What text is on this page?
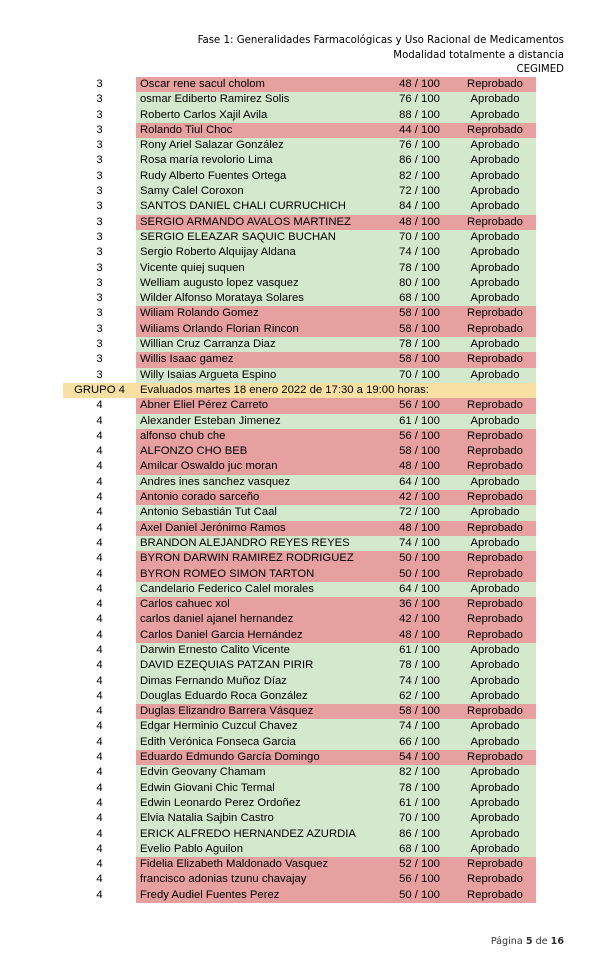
Fase 1: Generalidades Farmacológicas y Uso Racional de Medicamentos
Modalidad totalmente a distancia
CEGIMED
3	Oscar rene sacul cholom	48 / 100	Reprobado
3	osmar Ediberto Ramirez Solis	76 / 100	Aprobado
3	Roberto Carlos Xajil Avila	88 / 100	Aprobado
3	Rolando Tiul Choc	44 / 100	Reprobado
3	Rony Ariel Salazar González	76 / 100	Aprobado
3	Rosa maría revolorio Lima	86 / 100	Aprobado
3	Rudy Alberto Fuentes Ortega	82 / 100	Aprobado
3	Samy Calel Coroxon	72 / 100	Aprobado
3	SANTOS DANIEL CHALI CURRUCHICH	84 / 100	Aprobado
3	SERGIO ARMANDO AVALOS MARTINEZ	48 / 100	Reprobado
3	SERGIO ELEAZAR SAQUIC BUCHAN	70 / 100	Aprobado
3	Sergio Roberto Alquijay Aldana	74 / 100	Aprobado
3	Vicente quiej suquen	78 / 100	Aprobado
3	Welliam augusto lopez vasquez	80 / 100	Aprobado
3	Wilder Alfonso Morataya Solares	68 / 100	Aprobado
3	Wiliam Rolando Gomez	58 / 100	Reprobado
3	Wiliams Orlando Florian Rincon	58 / 100	Reprobado
3	Willian Cruz Carranza Diaz	78 / 100	Aprobado
3	Willis Isaac gamez	58 / 100	Reprobado
3	Willy Isaias Argueta Espino	70 / 100	Aprobado
GRUPO 4	Evaluados martes 18 enero 2022 de 17:30 a 19:00 horas:
4	Abner Eliel Pérez Carreto	56 / 100	Reprobado
4	Alexander Esteban Jimenez	61 / 100	Aprobado
4	alfonso chub che	56 / 100	Reprobado
4	ALFONZO CHO BEB	58 / 100	Reprobado
4	Amilcar Oswaldo juc moran	48 / 100	Reprobado
4	Andres ines sanchez vasquez	64 / 100	Aprobado
4	Antonio corado sarceño	42 / 100	Reprobado
4	Antonio Sebastián Tut Caal	72 / 100	Aprobado
4	Axel Daniel Jerónimo Ramos	48 / 100	Reprobado
4	BRANDON ALEJANDRO REYES REYES	74 / 100	Aprobado
4	BYRON DARWIN RAMIREZ RODRIGUEZ	50 / 100	Reprobado
4	BYRON ROMEO SIMON TARTON	50 / 100	Reprobado
4	Candelario Federico Calel morales	64 / 100	Aprobado
4	Carlos cahuec xol	36 / 100	Reprobado
4	carlos daniel ajanel hernandez	42 / 100	Reprobado
4	Carlos Daniel Garcia Hernández	48 / 100	Reprobado
4	Darwin Ernesto Calito Vicente	61 / 100	Aprobado
4	DAVID EZEQUIAS PATZAN PIRIR	78 / 100	Aprobado
4	Dimas Fernando Muñoz Díaz	74 / 100	Aprobado
4	Douglas Eduardo Roca González	62 / 100	Aprobado
4	Duglas Elizandro Barrera Vásquez	58 / 100	Reprobado
4	Edgar Herminio Cuzcul Chavez	74 / 100	Aprobado
4	Edith Verónica Fonseca Garcia	66 / 100	Aprobado
4	Eduardo Edmundo García Domingo	54 / 100	Reprobado
4	Edvin Geovany Chamam	82 / 100	Aprobado
4	Edwin Giovani Chic Termal	78 / 100	Aprobado
4	Edwin Leonardo Perez Ordoñez	61 / 100	Aprobado
4	Elvia Natalia Sajbin Castro	70 / 100	Aprobado
4	ERICK ALFREDO HERNANDEZ AZURDIA	86 / 100	Aprobado
4	Evelio Pablo Aguilon	68 / 100	Aprobado
4	Fidelia Elizabeth Maldonado Vasquez	52 / 100	Reprobado
4	francisco adonias tzunu chavajay	56 / 100	Reprobado
4	Fredy Audiel Fuentes Perez	50 / 100	Reprobado
Página 5 de 16
